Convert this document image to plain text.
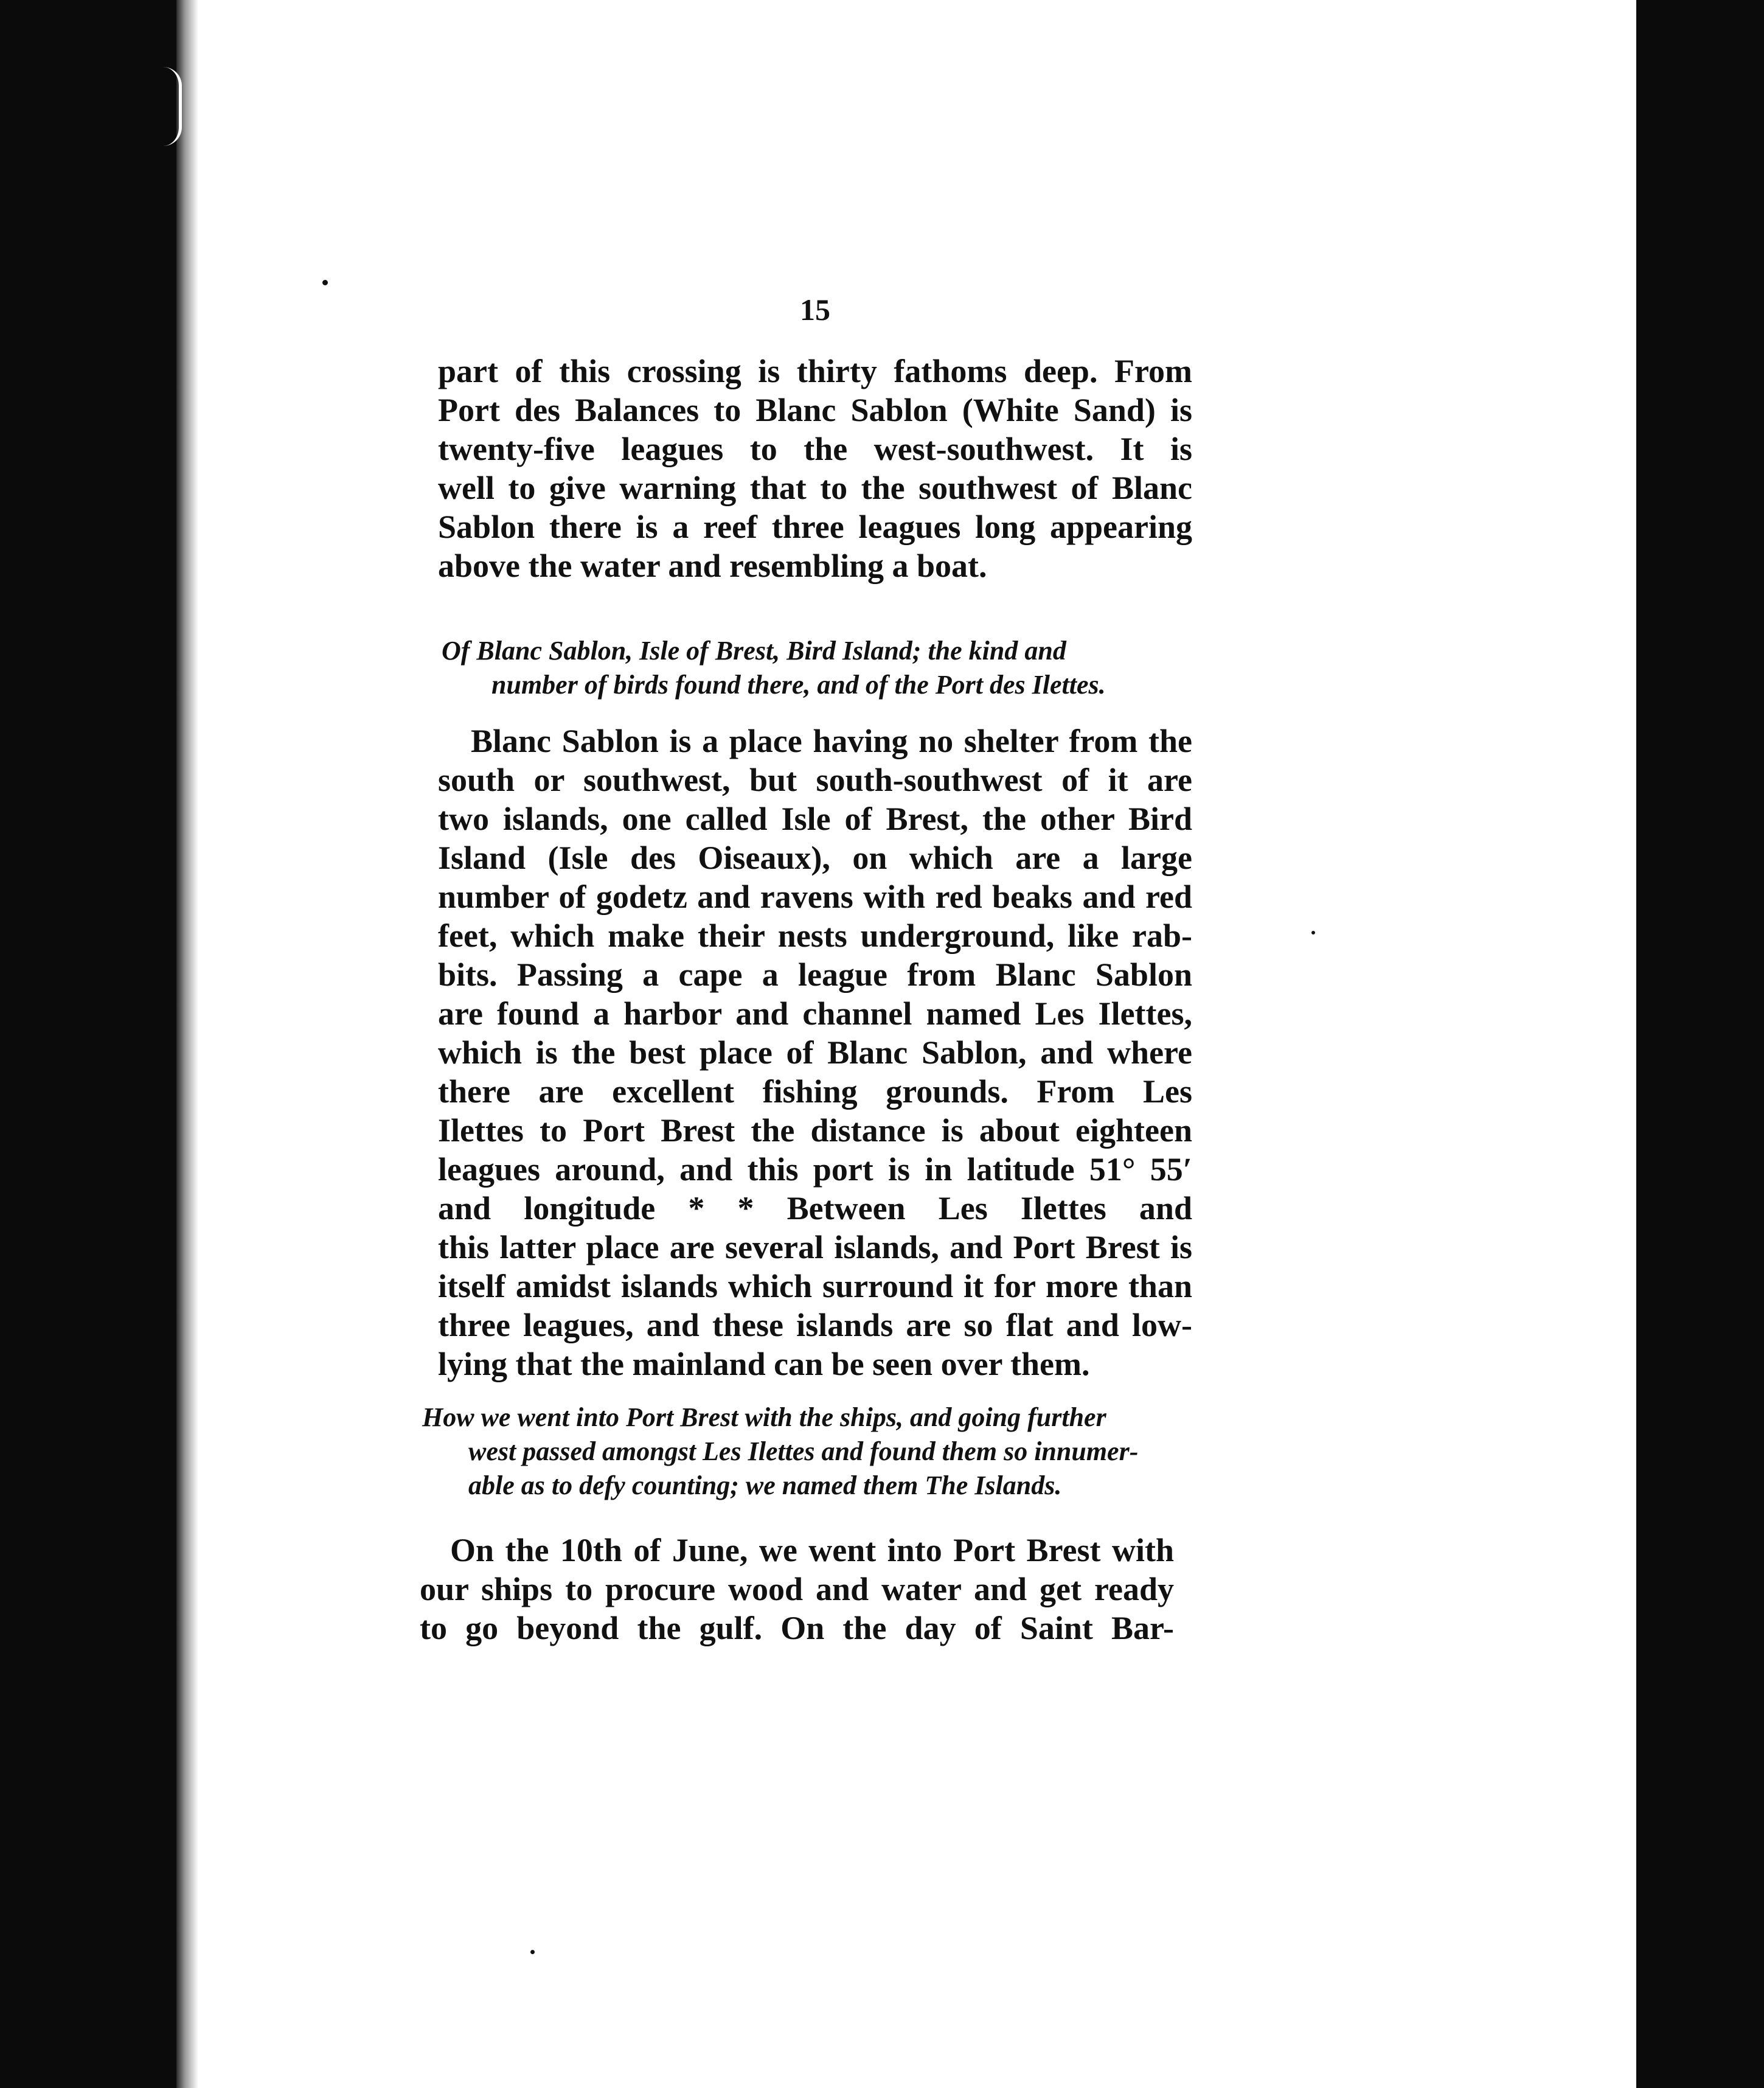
15
part of this crossing is thirty fathoms deep. From
Port des Balances to Blanc Sablon (White Sand) is
twenty-five leagues to the west-southwest. It is
well to give warning that to the southwest of Blanc
Sablon there is a reef three leagues long appearing
above the water and resembling a boat.
Of Blanc Sablon, Isle of Brest, Bird Island; the kind and
number of birds found there, and of the Port des Ilettes.
Blanc Sablon is a place having no shelter from the
south or southwest, but south-southwest of it are
two islands, one called Isle of Brest, the other Bird
Island (Isle des Oiseaux), on which are a large
number of godetz and ravens with red beaks and red
feet, which make their nests underground, like rab-
bits. Passing a cape a league from Blanc Sablon
are found a harbor and channel named Les Ilettes,
which is the best place of Blanc Sablon, and where
there are excellent fishing grounds. From Les
Ilettes to Port Brest the distance is about eighteen
leagues around, and this port is in latitude 51° 55′
and longitude * * Between Les Ilettes and
this latter place are several islands, and Port Brest is
itself amidst islands which surround it for more than
three leagues, and these islands are so flat and low-
lying that the mainland can be seen over them.
How we went into Port Brest with the ships, and going further
west passed amongst Les Ilettes and found them so innumer-
able as to defy counting; we named them The Islands.
On the 10th of June, we went into Port Brest with
our ships to procure wood and water and get ready
to go beyond the gulf. On the day of Saint Bar-
